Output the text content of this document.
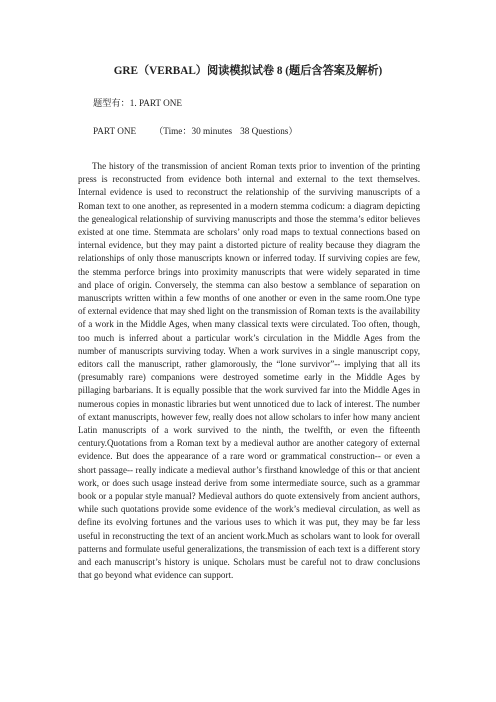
GRE（VERBAL）阅读模拟试卷 8 (题后含答案及解析)
题型有：1. PART ONE
PART ONE （Time：30 minutes 38 Questions）

The history of the transmission of ancient Roman texts prior to invention of the printing press is reconstructed from evidence both internal and external to the text themselves. Internal evidence is used to reconstruct the relationship of the surviving manuscripts of a Roman text to one another, as represented in a modern stemma codicum: a diagram depicting the genealogical relationship of surviving manuscripts and those the stemma’s editor believes existed at one time. Stemmata are scholars’ only road maps to textual connections based on internal evidence, but they may paint a distorted picture of reality because they diagram the relationships of only those manuscripts known or inferred today. If surviving copies are few, the stemma perforce brings into proximity manuscripts that were widely separated in time and place of origin. Conversely, the stemma can also bestow a semblance of separation on manuscripts written within a few months of one another or even in the same room.One type of external evidence that may shed light on the transmission of Roman texts is the availability of a work in the Middle Ages, when many classical texts were circulated. Too often, though, too much is inferred about a particular work’s circulation in the Middle Ages from the number of manuscripts surviving today. When a work survives in a single manuscript copy, editors call the manuscript, rather glamorously, the “lone survivor”-- implying that all its (presumably rare) companions were destroyed sometime early in the Middle Ages by pillaging barbarians. It is equally possible that the work survived far into the Middle Ages in numerous copies in monastic libraries but went unnoticed due to lack of interest. The number of extant manuscripts, however few, really does not allow scholars to infer how many ancient Latin manuscripts of a work survived to the ninth, the twelfth, or even the fifteenth century.Quotations from a Roman text by a medieval author are another category of external evidence. But does the appearance of a rare word or grammatical construction-- or even a short passage-- really indicate a medieval author’s firsthand knowledge of this or that ancient work, or does such usage instead derive from some intermediate source, such as a grammar book or a popular style manual? Medieval authors do quote extensively from ancient authors, while such quotations provide some evidence of the work’s medieval circulation, as well as define its evolving fortunes and the various uses to which it was put, they may be far less useful in reconstructing the text of an ancient work.Much as scholars want to look for overall patterns and formulate useful generalizations, the transmission of each text is a different story and each manuscript’s history is unique. Scholars must be careful not to draw conclusions that go beyond what evidence can support.
